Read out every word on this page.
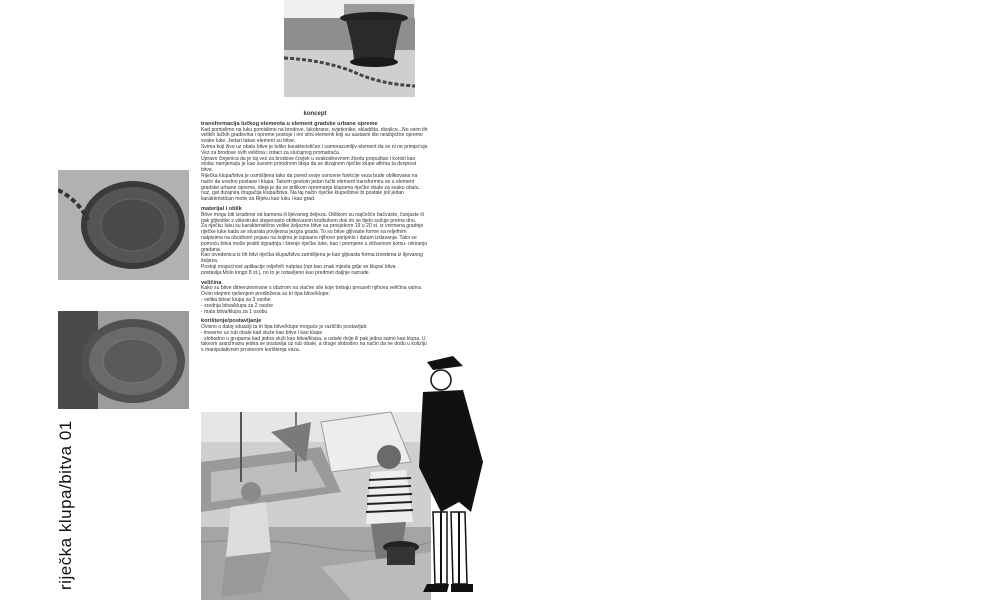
riječka klupa/bitva 01
koncept
transformacija lučkog elementa u element gradske urbane opreme

Kad pomislimo na luku pomislimo na brodove, lukobrane, svjetionike, skladišta, dizalice...No osim tih velikih lučkih građevina i opreme postoje i oni sitni elementi koji su sastavni dio neizbježne opreme svake luke. Jedan takav element su bitve.

Svima koji žive uz obalu bitve je toliko karakterističan i samorazumljiv element da se ni ne primjećuje. Vez za brodove svih veličina i izdaci za slučajnog promatrača.

Upravo činjenica da je taj vez za brodove čovjek u svakodnevnom životu propuštao i koristi kao stolac namjenuiju je kao susvim prirodnom ideja da se dizajnom riječke klupe afirma ta dvojnost bitve.

Riječka klupa/bitva je osmišljena tako da pored svoje osnovne funkcije veza bude oblikovana na način da uredno postane i klupa. Takvim gestom jedan lučki element transformira se u element gradske urbane opreme, ideja je da se prilikom opremanja klupama riječke obale za svaku obalu, nuz, gat dizajnira drugačija klupa/bitva. Na taj način riječke klupe/bitve bi postale još jedan karakterističan motiv za Rijeku kao luku i kao grad.

materijal i oblik

Bitve mogu biti izrađene od kamena ili lijevanog željeza. Oblikom su najčešće bačvaste, čunjaste ili pak gljivolike s višestruko stepenasto oblikovanim krutkukom dok im se tijelo sužuje prema dnu.

Za riječku luku su karakteristične velike željezne bitve sa prosjekom 19 u 20 st. iz vremena gradnje riječke luke kada se stvarala povijesna jezgra grada. To su bitve gljivaste forme sa reljefnim natpisima na obodnom pojasu na kojima je ispisano njihovo porijeklo i datum izdavanja. Taloi se pomoću bitva može pratiti izgradnja i širenje riječke luke, kao i promjene u državnom komu- nikiranju gradana.

Kao izvedenica iz tih bitvi riječka klupa/bitva zamišljena je kao gljivasta forma izvedena iz lijevanog željeza.

Postoji mogućnost aplikacije reljefnih natpisa (npr.kao znak mjesta gdje se klupa/ bitva postavlja:Molo longo 8 st.), no to je ostavljeno kao predmet daljnje razrade.

veličina

Kako su bitve dimenzionirane s obzirom na vlačne sile koje trebaju preuzeti njihova veličina varira.

Ovim idejnim rješenjem predložena su tri tipa bitve/klupe:

- velika bitva/ klupa za 3 osobe

- srednja bitva/klupa za 2 osobe

- mala bitva/klupa za 1 osobu

korištenje/postavljanje

Ovisno o datoj situaciji ta tri tipa bitve/klupe moguće je različito postavljati:

- linearno uz rub obale kad služe kao bitve i kao klupe

- slobodno u grupama kad jedna služi kao bitva/klupa, a ostale dvije ili pak jedna samo kao klupa. U takvom aranžmanu jedna se postavlja uz rub obale, a druge slobodno na način da ne dođu u koliziju s manipulativnim prostorom korištenja veza.
